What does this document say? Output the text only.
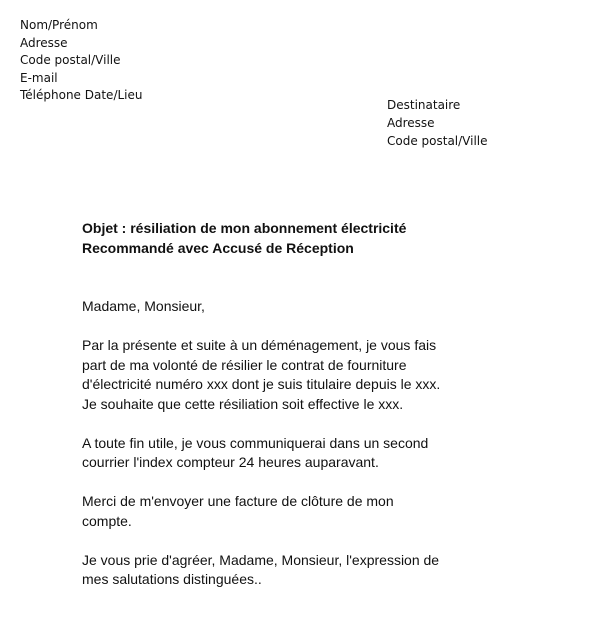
Nom/Prénom
Adresse
Code postal/Ville
E-mail
Téléphone Date/Lieu
Destinataire
Adresse
Code postal/Ville
Objet : résiliation de mon abonnement électricité
Recommandé avec Accusé de Réception

Madame, Monsieur,

Par la présente et suite à un déménagement, je vous fais
part de ma volonté de résilier le contrat de fourniture
d'électricité numéro xxx dont je suis titulaire depuis le xxx.
Je souhaite que cette résiliation soit effective le xxx.

A toute fin utile, je vous communiquerai dans un second
courrier l'index compteur 24 heures auparavant.

Merci de m'envoyer une facture de clôture de mon
compte.

Je vous prie d'agréer, Madame, Monsieur, l'expression de
mes salutations distinguées..
